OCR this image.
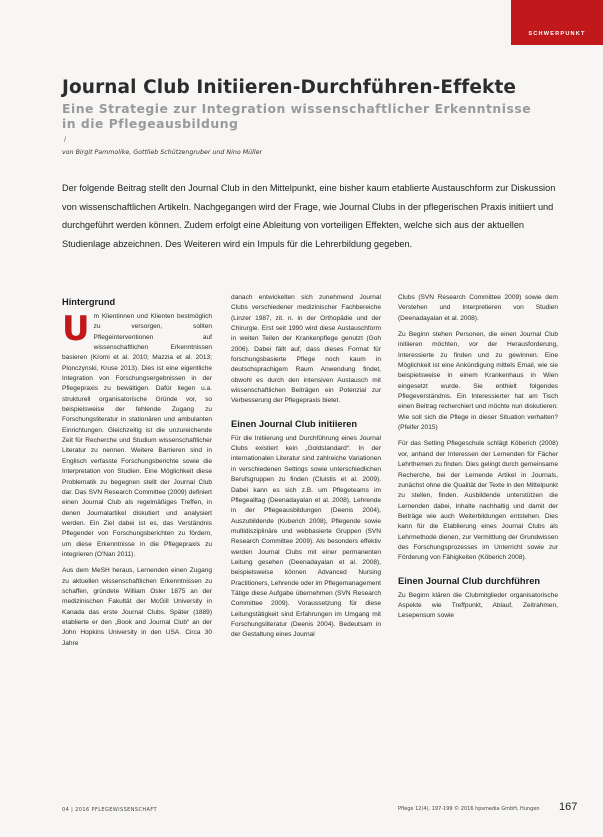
SCHWERPUNKT
Journal Club Initiieren-Durchführen-Effekte
Eine Strategie zur Integration wissenschaftlicher Erkenntnisse in die Pflegeausbildung
/
von Birgit Pammolike, Gottlieb Schützengruber und Nino Müller
Der folgende Beitrag stellt den Journal Club in den Mittelpunkt, eine bisher kaum etablierte Austauschform zur Diskussion von wissenschaftlichen Artikeln. Nachgegangen wird der Frage, wie Journal Clubs in der pflegerischen Praxis initiiert und durchgeführt werden können. Zudem erfolgt eine Ableitung von vorteiligen Effekten, welche sich aus der aktuellen Studienlage abzeichnen. Des Weiteren wird ein Impuls für die Lehrerbildung gegeben.
Hintergrund

Um Klientinnen und Klienten bestmöglich zu versorgen, sollten Pflegeinterventionen auf wissenschaftlichen Erkenntnissen basieren (Kromi et al. 2010; Mazzia et al. 2013; Plonczynski, Kruse 2013). Dies ist eine eigentliche Integration von Forschungsergebnissen in der Pflegepraxis zu bewältigen. Dafür liegen u.a. strukturell organisatorische Gründe vor, so beispielsweise der fehlende Zugang zu Forschungsliteratur in stationären und ambulanten Einrichtungen. Gleichzeitig ist die unzureichende Zeit für Recherche und Studium wissenschaftlicher Literatur zu nennen. Weitere Barrieren sind in Englisch verfasste Forschungsberichte sowie die Interpretation von Studien. Eine Möglichkeit diese Problematik zu begegnen stellt der Journal Club dar. Das SVN Research Committee (2009) definiert einen Journal Club als regelmäßiges Treffen, in denen Journalartikel diskutiert und analysiert werden. Ein Ziel dabei ist es, das Verständnis Pflegender von Forschungsberichten zu fördern, um diese Erkenntnisse in die Pflegepraxis zu integrieren (O'Nan 2011).

Aus dem MeSH heraus, Lernenden einen Zugang zu aktuellen wissenschaftlichen Erkenntnissen zu schaffen, gründete William Osler 1875 an der medizinischen Fakultät der McGill University in Kanada das erste Journal Clubs. Später (1889) etablierte er den „Book and Journal Club“ an der John Hopkins University in den USA. Circa 30 Jahre

danach entwickelten sich zunehmend Journal Clubs verschiedener medizinischer Fachbereiche (Linzer 1987, zit. n. in der Orthopädie und der Chirurgie. Erst seit 1990 wird diese Austauschform in weiten Teilen der Krankenpflege genutzt (Goh 2006). Dabei fällt auf, dass dieses Format für forschungsbasierte Pflege noch kaum in deutschsprachigem Raum Anwendung findet, obwohl es durch den intensiven Austausch mit wissenschaftlichen Beiträgen ein Potenzial zur Verbesserung der Pflegepraxis bietet.

Einen Journal Club initiieren

Für die Initiierung und Durchführung eines Journal Clubs existiert kein „Goldstandard“. In der internationalen Literatur sind zahlreiche Variationen in verschiedenen Settings sowie unterschiedlichen Berufsgruppen zu finden (Cluistis et al. 2009). Dabei kann es sich z.B. um Pflegeteams im Pflegealltag (Deenadayalan et al. 2008), Lehrende in der Pflegeausbildungen (Deenis 2004), Auszubildende (Kuberich 2008), Pflegende sowie multidisziplinäre und webbasierte Gruppen (SVN Research Committee 2009). Als besonders effektiv werden Journal Clubs mit einer permanenten Leitung gesehen (Deenadayalan et al. 2008), beispielsweise können Advanced Nursing Practitioners, Lehrende oder im Pflegemanagement Tätige diese Aufgabe übernehmen (SVN Research Committee 2009). Voraussetzung für diese Leitungstätigkeit sind Erfahrungen im Umgang mit Forschungsliteratur (Deenis 2004). Bedeutsam in der Gestaltung eines Journal

Clubs (SVN Research Committee 2009) sowie dem Verstehen und Interpretieren von Studien (Deenadayalan et al. 2008).

Zu Beginn stehen Personen, die einen Journal Club initiieren möchten, vor der Herausforderung, Interessierte zu finden und zu gewinnen. Eine Möglichkeit ist eine Ankündigung mittels Email, wie sie beispielsweise in einem Krankenhaus in Wien eingesetzt wurde. Sie enthielt folgendes Pflegeverständnis. Ein Interessierter hat am Tisch einen Beitrag recherchiert und möchte nun diskutieren: Wie soll sich die Pflege in dieser Situation verhalten? (Pfeifer 2015)

Für das Setting Pflegeschule schlägt Köberich (2008) vor, anhand der Interessen der Lernenden für Fächer Lehrthemen zu finden. Dies gelingt durch gemeinsame Recherche, bei der Lernende Artikel in Journals, zunächst ohne die Qualität der Texte in den Mittelpunkt zu stellen, finden. Ausbildende unterstützen die Lernenden dabei, Inhalte nachhaltig und damit der Beiträge wie auch Weiterbildungen entstehen. Dies kann für die Etablierung eines Journal Clubs als Lehrmethode dienen, zur Vermittlung der Grundwissen des Forschungsprozesses im Unterricht sowie zur Förderung von Fähigkeiten (Köberich 2008).

Einen Journal Club durchführen

Zu Beginn klären die Clubmitglieder organisatorische Aspekte wie Treffpunkt, Ablauf, Zeitrahmen, Lesepensum sowie

04 | 2016 PFLEGEWISSENSCHAFT	Pflege 12(4), 197-199 © 2016 hpsmedia GmbH, Hungen 167
